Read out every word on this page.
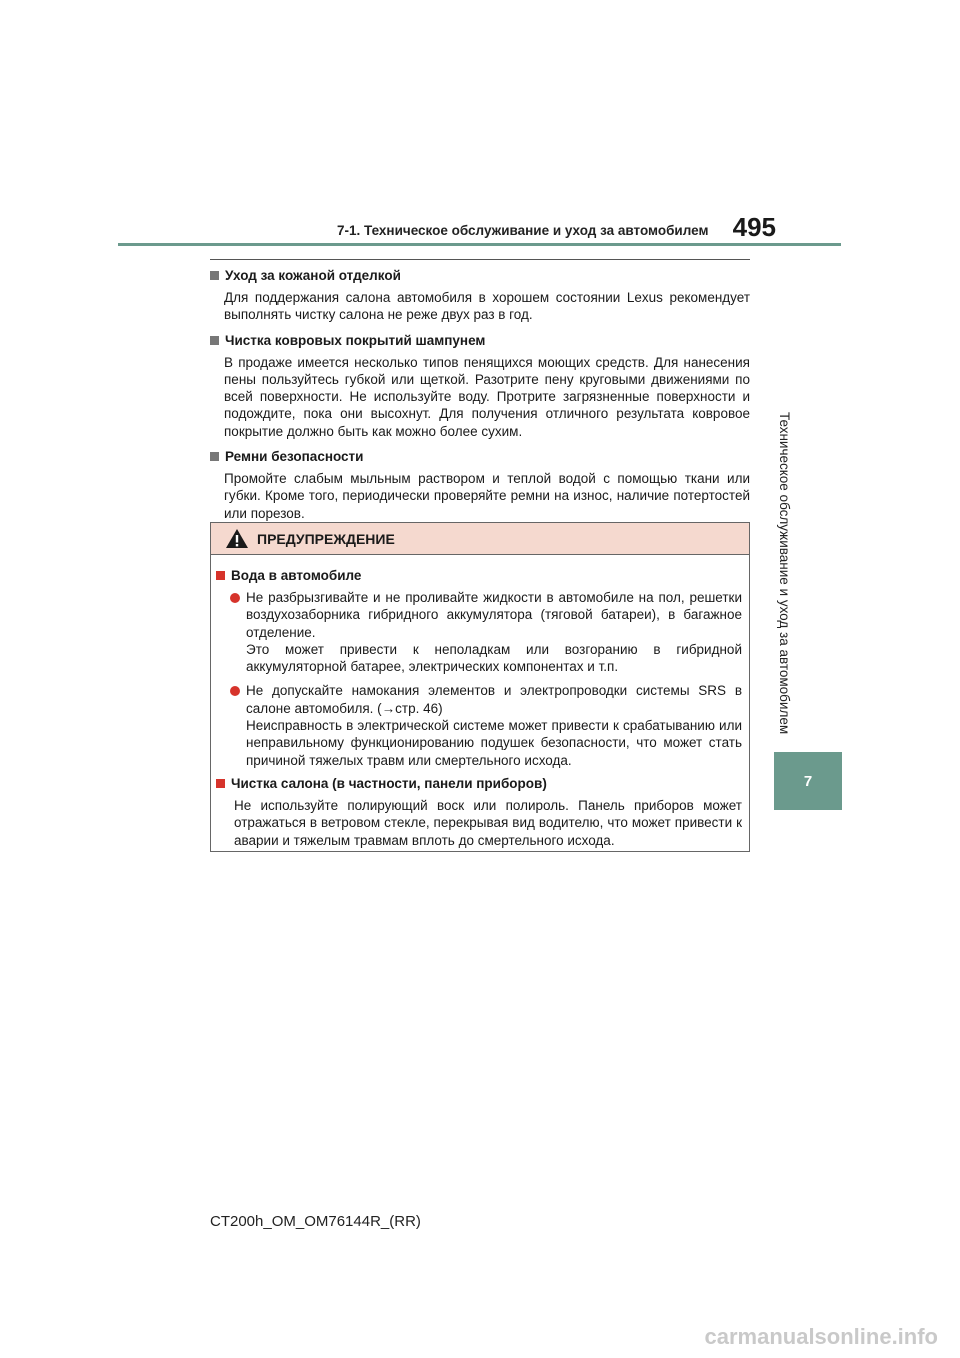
7-1. Техническое обслуживание и уход за автомобилем 495
Техническое обслуживание и уход за автомобилем
7
Уход за кожаной отделкой

Для поддержания салона автомобиля в хорошем состоянии Lexus рекомендует выполнять чистку салона не реже двух раз в год.

Чистка ковровых покрытий шампунем

В продаже имеется несколько типов пенящихся моющих средств. Для нанесения пены пользуйтесь губкой или щеткой. Разотрите пену круговыми движениями по всей поверхности. Не используйте воду. Протрите загрязненные поверхности и подождите, пока они высохнут. Для получения отличного результата ковровое покрытие должно быть как можно более сухим.

Ремни безопасности

Промойте слабым мыльным раствором и теплой водой с помощью ткани или губки. Кроме того, периодически проверяйте ремни на износ, наличие потертостей или порезов.

ПРЕДУПРЕЖДЕНИЕ
Вода в автомобиле

Не разбрызгивайте и не проливайте жидкости в автомобиле на пол, решетки воздухозаборника гибридного аккумулятора (тяговой батареи), в багажное отделение.

Это может привести к неполадкам или возгоранию в гибридной аккумуляторной батарее, электрических компонентах и т.п.

Не допускайте намокания элементов и электропроводки системы SRS в салоне автомобиля. (→стр. 46)

Неисправность в электрической системе может привести к срабатыванию или неправильному функционированию подушек безопасности, что может стать причиной тяжелых травм или смертельного исхода.

Чистка салона (в частности, панели приборов)

Не используйте полирующий воск или полироль. Панель приборов может отражаться в ветровом стекле, перекрывая вид водителю, что может привести к аварии и тяжелым травмам вплоть до смертельного исхода.

CT200h_OM_OM76144R_(RR)
carmanualsonline.info
